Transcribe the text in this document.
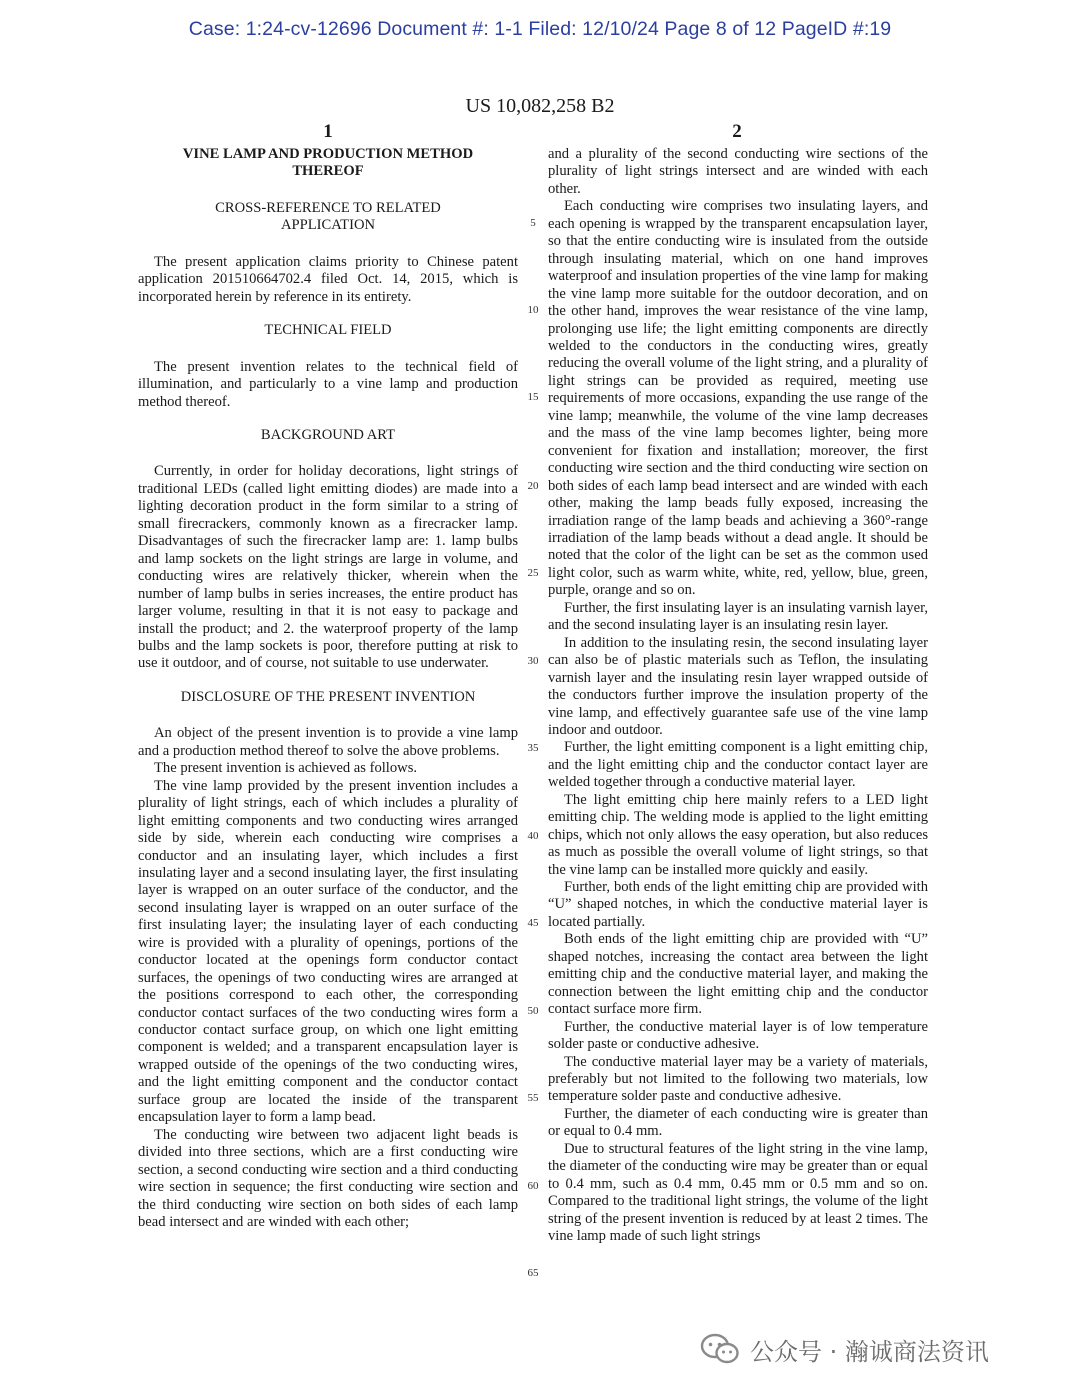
Case: 1:24-cv-12696 Document #: 1-1 Filed: 12/10/24 Page 8 of 12 PageID #:19
US 10,082,258 B2
1	2
VINE LAMP AND PRODUCTION METHOD
THEREOF
CROSS-REFERENCE TO RELATED
APPLICATION

The present application claims priority to Chinese patent application 201510664702.4 filed Oct. 14, 2015, which is incorporated herein by reference in its entirety.

TECHNICAL FIELD

The present invention relates to the technical field of illumination, and particularly to a vine lamp and production method thereof.

BACKGROUND ART

Currently, in order for holiday decorations, light strings of traditional LEDs (called light emitting diodes) are made into a lighting decoration product in the form similar to a string of small firecrackers, commonly known as a firecracker lamp. Disadvantages of such the firecracker lamp are: 1. lamp bulbs and lamp sockets on the light strings are large in volume, and conducting wires are relatively thicker, wherein when the number of lamp bulbs in series increases, the entire product has larger volume, resulting in that it is not easy to package and install the product; and 2. the waterproof property of the lamp bulbs and the lamp sockets is poor, therefore putting at risk to use it outdoor, and of course, not suitable to use underwater.

DISCLOSURE OF THE PRESENT INVENTION

An object of the present invention is to provide a vine lamp and a production method thereof to solve the above problems.

The present invention is achieved as follows.

The vine lamp provided by the present invention includes a plurality of light strings, each of which includes a plurality of light emitting components and two conducting wires arranged side by side, wherein each conducting wire comprises a conductor and an insulating layer, which includes a first insulating layer and a second insulating layer, the first insulating layer is wrapped on an outer surface of the conductor, and the second insulating layer is wrapped on an outer surface of the first insulating layer; the insulating layer of each conducting wire is provided with a plurality of openings, portions of the conductor located at the openings form conductor contact surfaces, the openings of two conducting wires are arranged at the positions correspond to each other, the corresponding conductor contact surfaces of the two conducting wires form a conductor contact surface group, on which one light emitting component is welded; and a transparent encapsulation layer is wrapped outside of the openings of the two conducting wires, and the light emitting component and the conductor contact surface group are located the inside of the transparent encapsulation layer to form a lamp bead.

The conducting wire between two adjacent light beads is divided into three sections, which are a first conducting wire section, a second conducting wire section and a third conducting wire section in sequence; the first conducting wire section and the third conducting wire section on both sides of each lamp bead intersect and are winded with each other;

5
10
15
20
25
30
35
40
45
50
55
60
65

and a plurality of the second conducting wire sections of the plurality of light strings intersect and are winded with each other.

Each conducting wire comprises two insulating layers, and each opening is wrapped by the transparent encapsulation layer, so that the entire conducting wire is insulated from the outside through insulating material, which on one hand improves waterproof and insulation properties of the vine lamp for making the vine lamp more suitable for the outdoor decoration, and on the other hand, improves the wear resistance of the vine lamp, prolonging use life; the light emitting components are directly welded to the conductors in the conducting wires, greatly reducing the overall volume of the light string, and a plurality of light strings can be provided as required, meeting use requirements of more occasions, expanding the use range of the vine lamp; meanwhile, the volume of the vine lamp decreases and the mass of the vine lamp becomes lighter, being more convenient for fixation and installation; moreover, the first conducting wire section and the third conducting wire section on both sides of each lamp bead intersect and are winded with each other, making the lamp beads fully exposed, increasing the irradiation range of the lamp beads and achieving a 360°-range irradiation of the lamp beads without a dead angle. It should be noted that the color of the light can be set as the common used light color, such as warm white, white, red, yellow, blue, green, purple, orange and so on.

Further, the first insulating layer is an insulating varnish layer, and the second insulating layer is an insulating resin layer.

In addition to the insulating resin, the second insulating layer can also be of plastic materials such as Teflon, the insulating varnish layer and the insulating resin layer wrapped outside of the conductors further improve the insulation property of the vine lamp, and effectively guarantee safe use of the vine lamp indoor and outdoor.

Further, the light emitting component is a light emitting chip, and the light emitting chip and the conductor contact layer are welded together through a conductive material layer.

The light emitting chip here mainly refers to a LED light emitting chip. The welding mode is applied to the light emitting chips, which not only allows the easy operation, but also reduces as much as possible the overall volume of light strings, so that the vine lamp can be installed more quickly and easily.

Further, both ends of the light emitting chip are provided with “U” shaped notches, in which the conductive material layer is located partially.

Both ends of the light emitting chip are provided with “U” shaped notches, increasing the contact area between the light emitting chip and the conductive material layer, and making the connection between the light emitting chip and the conductor contact surface more firm.

Further, the conductive material layer is of low temperature solder paste or conductive adhesive.

The conductive material layer may be a variety of materials, preferably but not limited to the following two materials, low temperature solder paste and conductive adhesive.

Further, the diameter of each conducting wire is greater than or equal to 0.4 mm.

Due to structural features of the light string in the vine lamp, the diameter of the conducting wire may be greater than or equal to 0.4 mm, such as 0.4 mm, 0.45 mm or 0.5 mm and so on. Compared to the traditional light strings, the volume of the light string of the present invention is reduced by at least 2 times. The vine lamp made of such light strings

公众号 · 瀚诚商法资讯
